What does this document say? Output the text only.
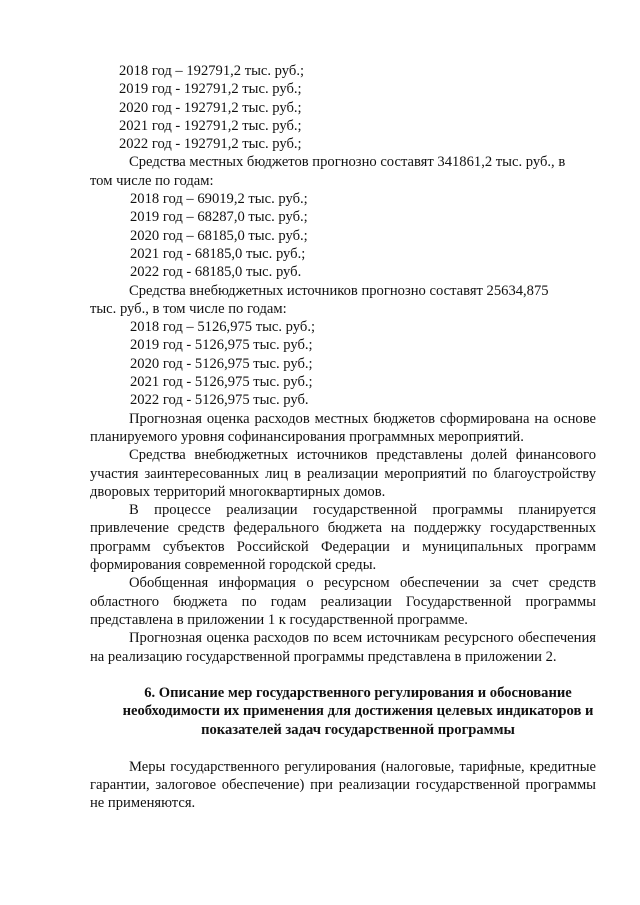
2018 год – 192791,2 тыс. руб.;
2019 год - 192791,2 тыс. руб.;
2020 год - 192791,2 тыс. руб.;
2021 год - 192791,2 тыс. руб.;
2022 год - 192791,2 тыс. руб.;
Средства местных бюджетов прогнозно составят 341861,2 тыс. руб., в
том числе по годам:
2018 год – 69019,2 тыс. руб.;
2019 год – 68287,0 тыс. руб.;
2020 год – 68185,0 тыс. руб.;
2021 год - 68185,0 тыс. руб.;
2022 год - 68185,0 тыс. руб.
Средства внебюджетных источников прогнозно составят 25634,875
тыс. руб., в том числе по годам:
2018 год – 5126,975 тыс. руб.;
2019 год - 5126,975 тыс. руб.;
2020 год - 5126,975 тыс. руб.;
2021 год - 5126,975 тыс. руб.;
2022 год - 5126,975 тыс. руб.
Прогнозная оценка расходов местных бюджетов сформирована на основе планируемого уровня софинансирования программных мероприятий.
Средства внебюджетных источников представлены долей финансового участия заинтересованных лиц в реализации мероприятий по благоустройству дворовых территорий многоквартирных домов.
В процессе реализации государственной программы планируется привлечение средств федерального бюджета на поддержку государственных программ субъектов Российской Федерации и муниципальных программ формирования современной городской среды.
Обобщенная информация о ресурсном обеспечении за счет средств областного бюджета по годам реализации Государственной программы представлена в приложении 1 к государственной программе.
Прогнозная оценка расходов по всем источникам ресурсного обеспечения на реализацию государственной программы представлена в приложении 2.
6. Описание мер государственного регулирования и обоснование необходимости их применения для достижения целевых индикаторов и показателей задач государственной программы
Меры государственного регулирования (налоговые, тарифные, кредитные гарантии, залоговое обеспечение) при реализации государственной программы не применяются.
